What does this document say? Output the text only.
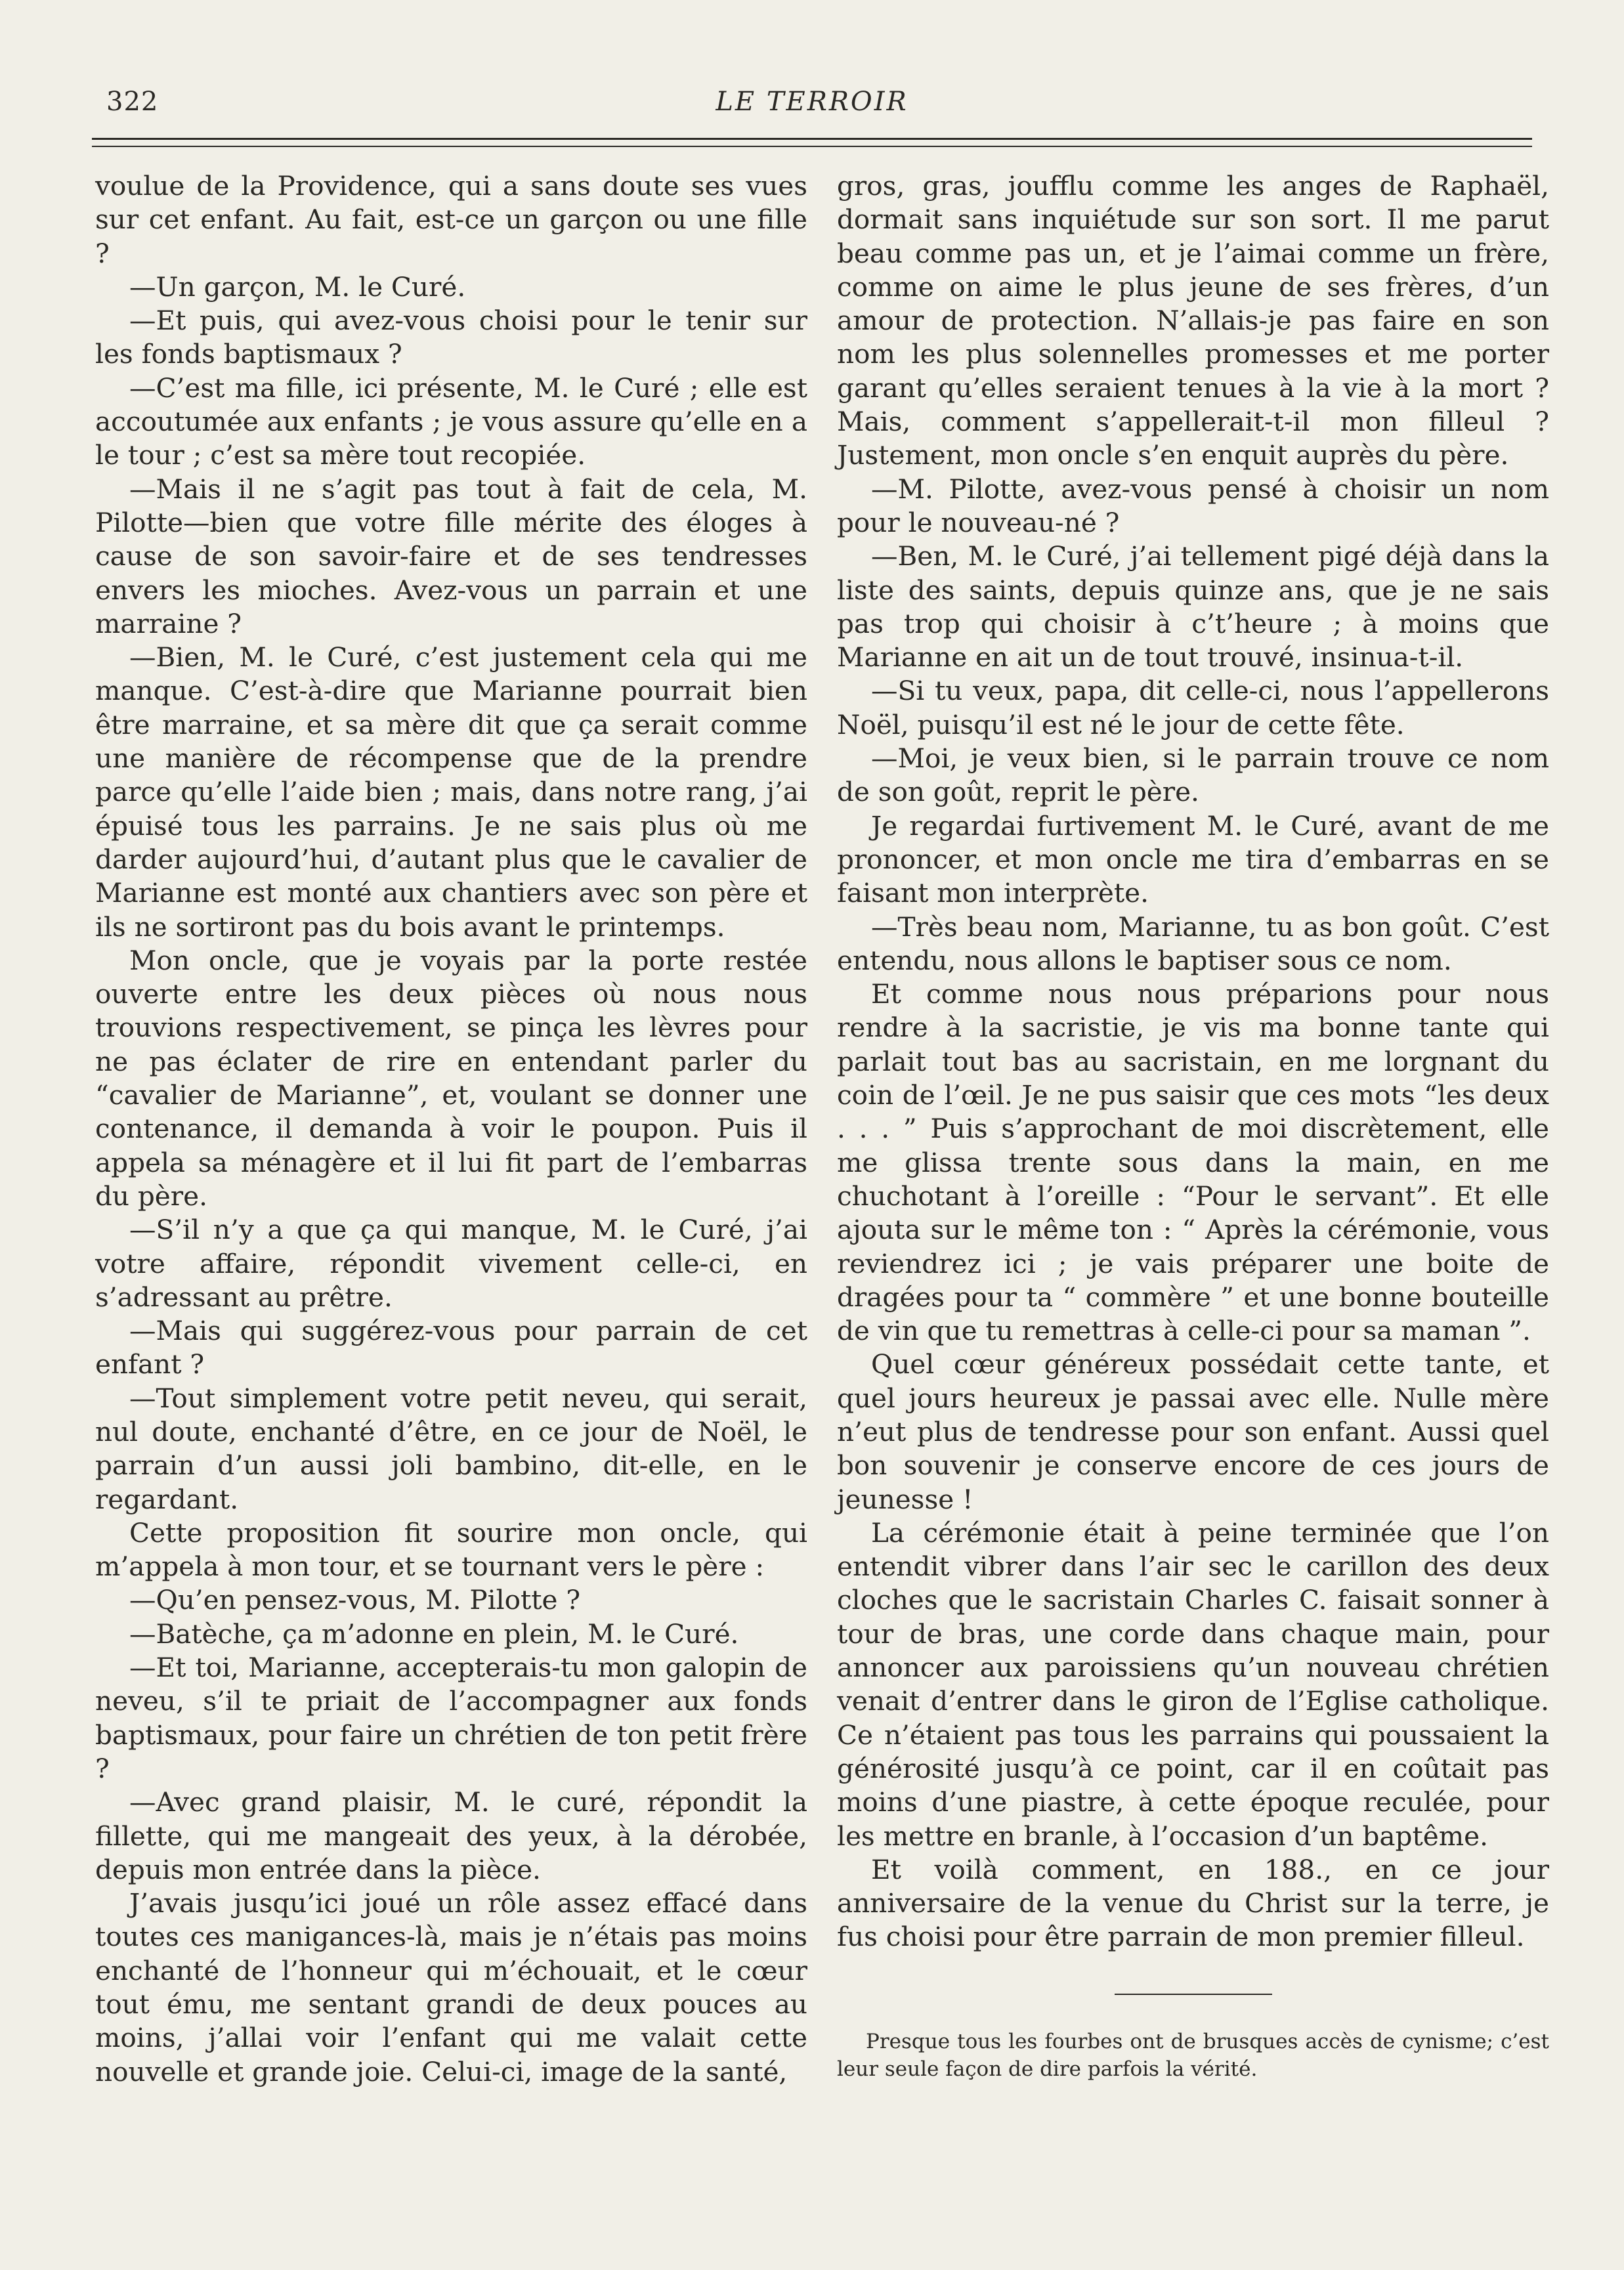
322	LE TERROIR

voulue de la Providence, qui a sans doute ses vues sur cet enfant. Au fait, est-ce un garçon ou une fille ?

—Un garçon, M. le Curé.

—Et puis, qui avez-vous choisi pour le tenir sur les fonds baptismaux ?

—C’est ma fille, ici présente, M. le Curé ; elle est accoutumée aux enfants ; je vous assure qu’elle en a le tour ; c’est sa mère tout recopiée.

—Mais il ne s’agit pas tout à fait de cela, M. Pilotte—bien que votre fille mérite des éloges à cause de son savoir-faire et de ses tendresses envers les mioches. Avez-vous un parrain et une marraine ?

—Bien, M. le Curé, c’est justement cela qui me manque. C’est-à-dire que Marianne pourrait bien être marraine, et sa mère dit que ça serait comme une manière de récompense que de la prendre parce qu’elle l’aide bien ; mais, dans notre rang, j’ai épuisé tous les parrains. Je ne sais plus où me darder aujourd’hui, d’autant plus que le cavalier de Marianne est monté aux chantiers avec son père et ils ne sortiront pas du bois avant le printemps.

Mon oncle, que je voyais par la porte restée ouverte entre les deux pièces où nous nous trouvions respectivement, se pinça les lèvres pour ne pas éclater de rire en entendant parler du “cavalier de Marianne”, et, voulant se donner une contenance, il demanda à voir le poupon. Puis il appela sa ménagère et il lui fit part de l’embarras du père.

—S’il n’y a que ça qui manque, M. le Curé, j’ai votre affaire, répondit vivement celle-ci, en s’adressant au prêtre.

—Mais qui suggérez-vous pour parrain de cet enfant ?

—Tout simplement votre petit neveu, qui serait, nul doute, enchanté d’être, en ce jour de Noël, le parrain d’un aussi joli bambino, dit-elle, en le regardant.

Cette proposition fit sourire mon oncle, qui m’appela à mon tour, et se tournant vers le père :

—Qu’en pensez-vous, M. Pilotte ?

—Batèche, ça m’adonne en plein, M. le Curé.

—Et toi, Marianne, accepterais-tu mon galopin de neveu, s’il te priait de l’accompagner aux fonds baptismaux, pour faire un chrétien de ton petit frère ?

—Avec grand plaisir, M. le curé, répondit la fillette, qui me mangeait des yeux, à la dérobée, depuis mon entrée dans la pièce.

J’avais jusqu’ici joué un rôle assez effacé dans toutes ces manigances-là, mais je n’étais pas moins enchanté de l’honneur qui m’échouait, et le cœur tout ému, me sentant grandi de deux pouces au moins, j’allai voir l’enfant qui me valait cette nouvelle et grande joie. Celui-ci, image de la santé,

gros, gras, joufflu comme les anges de Raphaël, dormait sans inquiétude sur son sort. Il me parut beau comme pas un, et je l’aimai comme un frère, comme on aime le plus jeune de ses frères, d’un amour de protection. N’allais-je pas faire en son nom les plus solennelles promesses et me porter garant qu’elles seraient tenues à la vie à la mort ? Mais, comment s’appellerait-t-il mon filleul ? Justement, mon oncle s’en enquit auprès du père.

—M. Pilotte, avez-vous pensé à choisir un nom pour le nouveau-né ?

—Ben, M. le Curé, j’ai tellement pigé déjà dans la liste des saints, depuis quinze ans, que je ne sais pas trop qui choisir à c’t’heure ; à moins que Marianne en ait un de tout trouvé, insinua-t-il.

—Si tu veux, papa, dit celle-ci, nous l’appellerons Noël, puisqu’il est né le jour de cette fête.

—Moi, je veux bien, si le parrain trouve ce nom de son goût, reprit le père.

Je regardai furtivement M. le Curé, avant de me prononcer, et mon oncle me tira d’embarras en se faisant mon interprète.

—Très beau nom, Marianne, tu as bon goût. C’est entendu, nous allons le baptiser sous ce nom.

Et comme nous nous préparions pour nous rendre à la sacristie, je vis ma bonne tante qui parlait tout bas au sacristain, en me lorgnant du coin de l’œil. Je ne pus saisir que ces mots “les deux . . . ” Puis s’approchant de moi discrètement, elle me glissa trente sous dans la main, en me chuchotant à l’oreille : “Pour le servant”. Et elle ajouta sur le même ton : “ Après la cérémonie, vous reviendrez ici ; je vais préparer une boite de dragées pour ta “ commère ” et une bonne bouteille de vin que tu remettras à celle-ci pour sa maman ”.

Quel cœur généreux possédait cette tante, et quel jours heureux je passai avec elle. Nulle mère n’eut plus de tendresse pour son enfant. Aussi quel bon souvenir je conserve encore de ces jours de jeunesse !

La cérémonie était à peine terminée que l’on entendit vibrer dans l’air sec le carillon des deux cloches que le sacristain Charles C. faisait sonner à tour de bras, une corde dans chaque main, pour annoncer aux paroissiens qu’un nouveau chrétien venait d’entrer dans le giron de l’Eglise catholique. Ce n’étaient pas tous les parrains qui poussaient la générosité jusqu’à ce point, car il en coûtait pas moins d’une piastre, à cette époque reculée, pour les mettre en branle, à l’occasion d’un baptême.

Et voilà comment, en 188., en ce jour anniversaire de la venue du Christ sur la terre, je fus choisi pour être parrain de mon premier filleul.

Presque tous les fourbes ont de brusques accès de cynisme; c’est leur seule façon de dire parfois la vérité.
